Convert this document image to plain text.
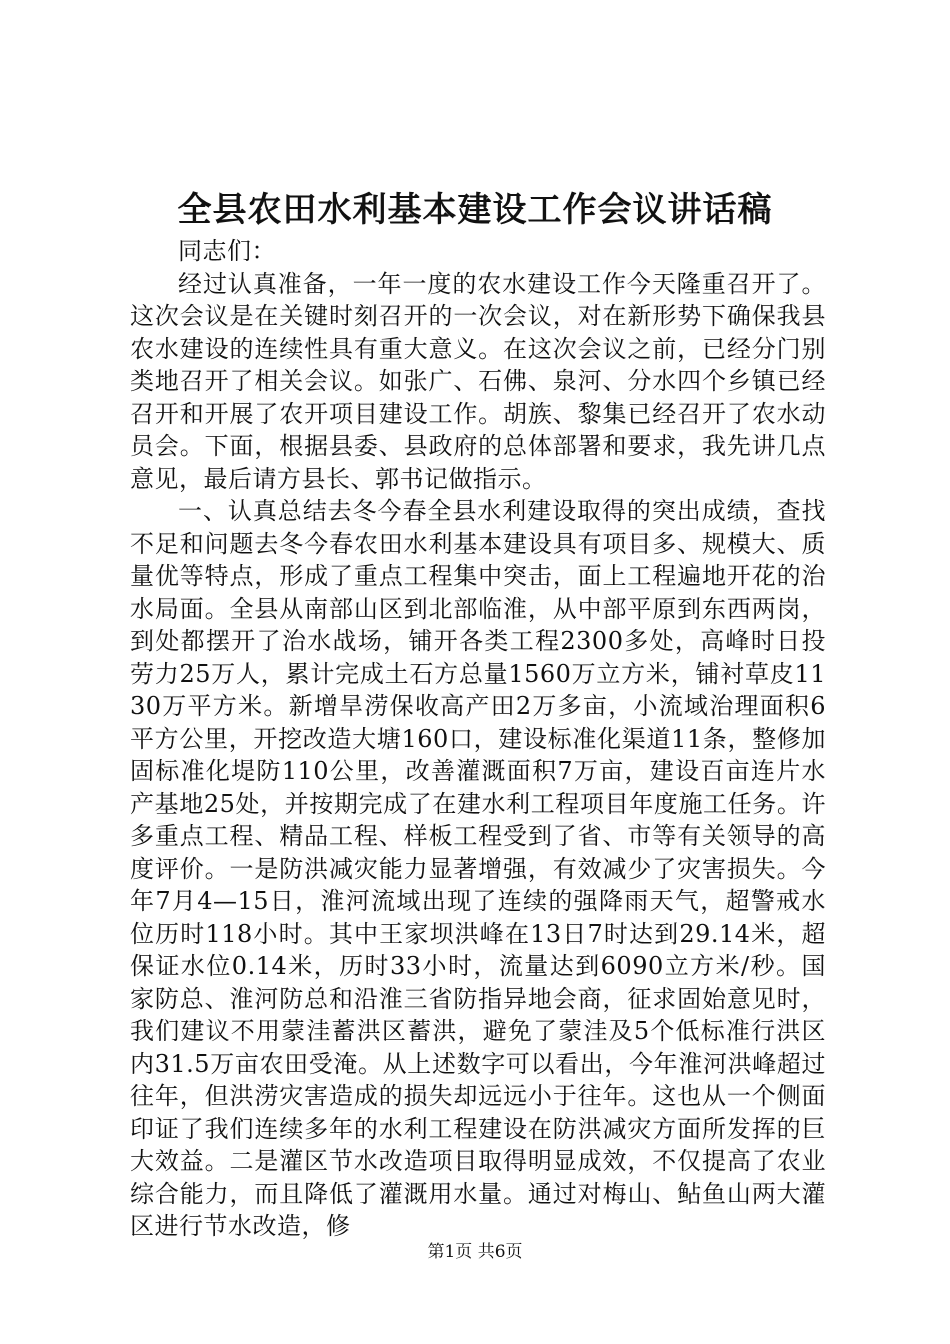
全县农田水利基本建设工作会议讲话稿

同志们：

经过认真准备，一年一度的农水建设工作今天隆重召开了。这次会议是在关键时刻召开的一次会议，对在新形势下确保我县农水建设的连续性具有重大意义。在这次会议之前，已经分门别类地召开了相关会议。如张广、石佛、泉河、分水四个乡镇已经召开和开展了农开项目建设工作。胡族、黎集已经召开了农水动员会。下面，根据县委、县政府的总体部署和要求，我先讲几点意见，最后请方县长、郭书记做指示。

一、认真总结去冬今春全县水利建设取得的突出成绩，查找不足和问题去冬今春农田水利基本建设具有项目多、规模大、质量优等特点，形成了重点工程集中突击，面上工程遍地开花的治水局面。全县从南部山区到北部临淮，从中部平原到东西两岗，到处都摆开了治水战场，铺开各类工程2300多处，高峰时日投劳力25万人，累计完成土石方总量1560万立方米，铺衬草皮1130万平方米。新增旱涝保收高产田2万多亩，小流域治理面积6平方公里，开挖改造大塘160口，建设标准化渠道11条，整修加固标准化堤防110公里，改善灌溉面积7万亩，建设百亩连片水产基地25处，并按期完成了在建水利工程项目年度施工任务。许多重点工程、精品工程、样板工程受到了省、市等有关领导的高度评价。一是防洪减灾能力显著增强，有效减少了灾害损失。今年7月4—15日，淮河流域出现了连续的强降雨天气，超警戒水位历时118小时。其中王家坝洪峰在13日7时达到29.14米，超保证水位0.14米，历时33小时，流量达到6090立方米/秒。国家防总、淮河防总和沿淮三省防指异地会商，征求固始意见时，我们建议不用蒙洼蓄洪区蓄洪，避免了蒙洼及5个低标准行洪区内31.5万亩农田受淹。从上述数字可以看出，今年淮河洪峰超过往年，但洪涝灾害造成的损失却远远小于往年。这也从一个侧面印证了我们连续多年的水利工程建设在防洪减灾方面所发挥的巨大效益。二是灌区节水改造项目取得明显成效，不仅提高了农业综合能力，而且降低了灌溉用水量。通过对梅山、鲇鱼山两大灌区进行节水改造，修

第1页 共6页
